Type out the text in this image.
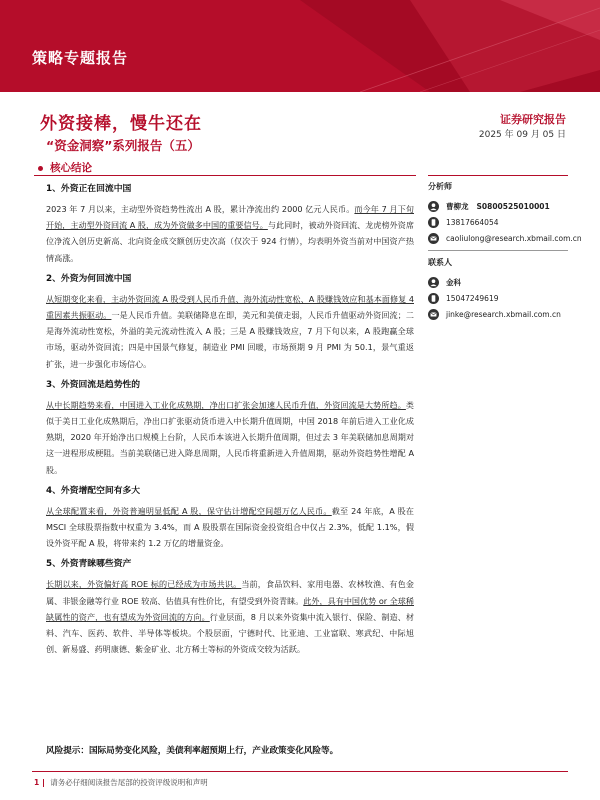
策略专题报告
外资接棒，慢牛还在
“资金洞察”系列报告（五）
证券研究报告
2025 年 09 月 05 日
核心结论
1、外资正在回流中国
2023 年 7 月以来，主动型外资趋势性流出 A 股，累计净流出约 2000 亿元人民币。而今年 7 月下旬开始，主动型外资回流 A 股，成为外资做多中国的重要信号。与此同时，被动外资回流、龙虎榜外资席位净流入创历史新高、北向资金成交额创历史次高（仅次于 924 行情），均表明外资当前对中国资产热情高涨。
2、外资为何回流中国
从短期变化来看，主动外资回流 A 股受到人民币升值、海外流动性宽松、A 股赚钱效应和基本面修复 4 重因素共振驱动。一是人民币升值。美联储降息在即，美元和美债走弱，人民币升值驱动外资回流；二是海外流动性宽松，外溢的美元流动性流入 A 股；三是 A 股赚钱效应，7 月下旬以来，A 股跑赢全球市场，驱动外资回流；四是中国景气修复，制造业 PMI 回暖，市场预期 9 月 PMI 为 50.1，景气重返扩张，进一步强化市场信心。
3、外资回流是趋势性的
从中长期趋势来看，中国进入工业化成熟期，净出口扩张会加速人民币升值，外资回流是大势所趋。类似于美日工业化成熟期后，净出口扩张驱动货币进入中长期升值周期，中国 2018 年前后进入工业化成熟期，2020 年开始净出口规模上台阶，人民币本该进入长期升值周期，但过去 3 年美联储加息周期对这一进程形成梗阻。当前美联储已进入降息周期，人民币将重新进入升值周期，驱动外资趋势性增配 A 股。
4、外资增配空间有多大
从全球配置来看，外资普遍明显低配 A 股，保守估计增配空间超万亿人民币。截至 24 年底，A 股在 MSCI 全球股票指数中权重为 3.4%，而 A 股股票在国际资金投资组合中仅占 2.3%，低配 1.1%，假设外资平配 A 股，将带来约 1.2 万亿的增量资金。
5、外资青睐哪些资产
长期以来，外资偏好高 ROE 标的已经成为市场共识。当前，食品饮料、家用电器、农林牧渔、有色金属、非银金融等行业 ROE 较高、估值具有性价比，有望受到外资青睐。此外，具有中国优势 or 全球稀缺属性的资产，也有望成为外资回流的方向。行业层面，8 月以来外资集中流入银行、保险、制造、材料、汽车、医药、软件、半导体等板块。个股层面，宁德时代、比亚迪、工业富联、寒武纪、中际旭创、新易盛、药明康德、紫金矿业、北方稀土等标的外资成交较为活跃。
风险提示：国际局势变化风险，美债利率超预期上行，产业政策变化风险等。
分析师
曹柳龙 S0800525010001
13817664054
caoliulong@research.xbmail.com.cn
联系人
金科
15047249619
jinke@research.xbmail.com.cn
1 请务必仔细阅读报告尾部的投资评级说明和声明
